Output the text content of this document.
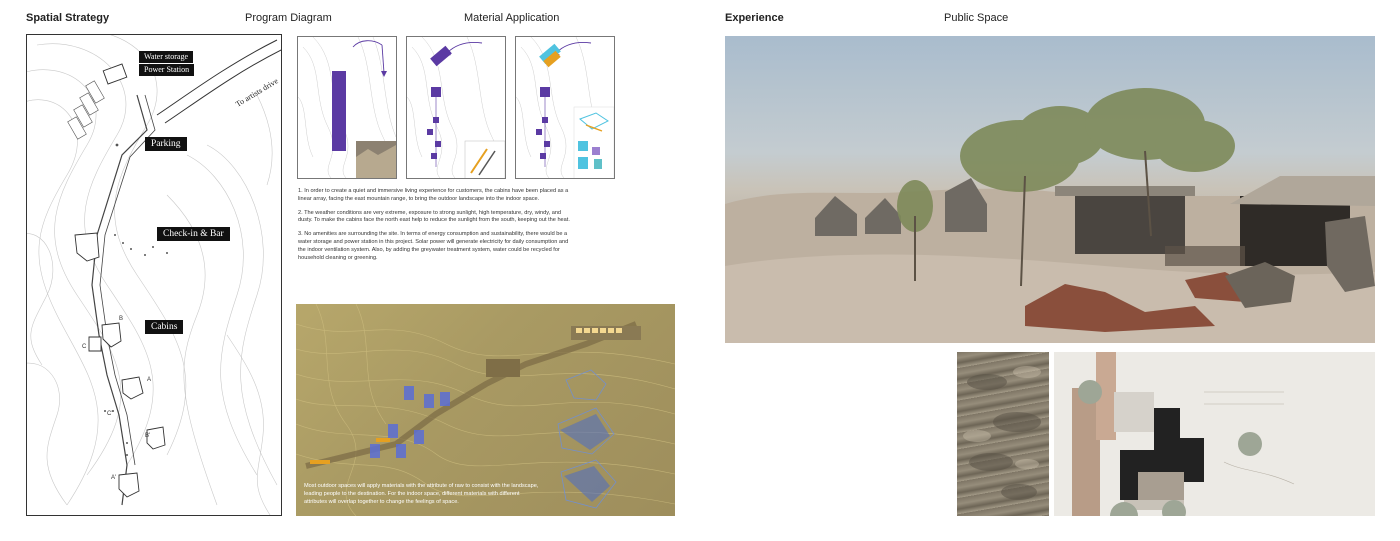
Spatial Strategy	Program Diagram	Material Application	Experience	Public Space
Water storage
Power Station
To artists drive
Parking
Check-in & Bar
Cabins
B
C
A
C'
B'
A'

1. In order to create a quiet and immersive living experience for customers, the cabins have been placed as a linear array, facing the east mountain range, to bring the outdoor landscape into the indoor space.

2. The weather conditions are very extreme, exposure to strong sunlight, high temperature, dry, windy, and dusty. To make the cabins face the north east help to reduce the sunlight from the south, keeping out the heat.

3. No amenities are surrounding the site. In terms of energy consumption and sustainability, there would be a water storage and power station in this project. Solar power will generate electricity for daily consumption and the indoor ventilation system. Also, by adding the greywater treatment system, water could be recycled for household cleaning or greening.

Most outdoor spaces will apply materials with the attribute of raw to consist with the landscape, leading people to the destination. For the indoor space, different materials with different attributes will overlap together to change the feelings of space.
